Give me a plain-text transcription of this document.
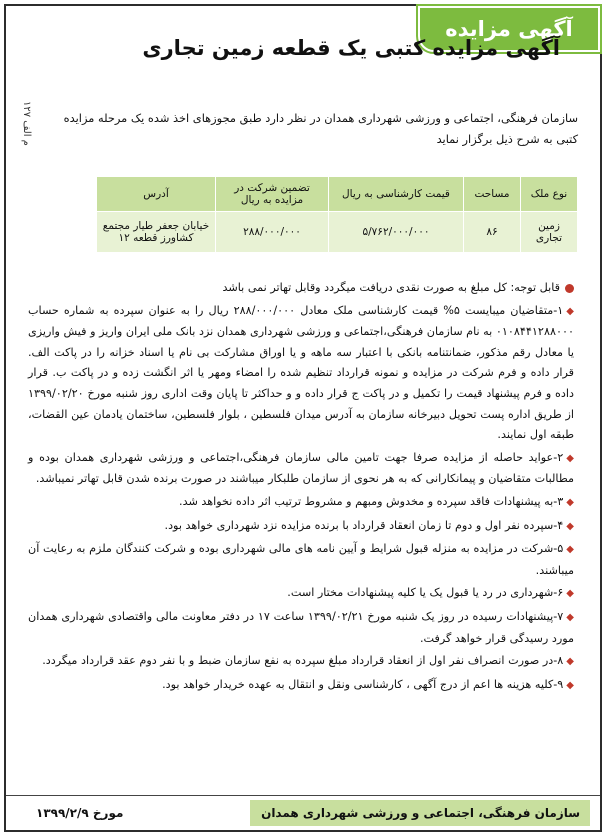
آگهی مزایده
آگهی مزایده کتبی یک قطعه زمین تجاری
م الف ۱۲۷	سازمان فرهنگی، اجتماعی و ورزشی شهرداری همدان در نظر دارد طبق مجوزهای اخذ شده یک مرحله مزایده کتبی به شرح ذیل برگزار نماید
نوع ملک	مساحت	قیمت کارشناسی به ریال	تضمین شرکت در مزایده به ریال	آدرس
زمین تجاری	۸۶	۵/۷۶۲/۰۰۰/۰۰۰	۲۸۸/۰۰۰/۰۰۰	خیابان جعفر طیار مجتمع کشاورز قطعه ۱۲
قابل توجه: کل مبلغ به صورت نقدی دریافت میگردد وقابل تهاتر نمی باشد
◆۱-متقاضیان میبایست ۵% قیمت کارشناسی ملک معادل ۲۸۸/۰۰۰/۰۰۰ ریال را به عنوان سپرده به شماره حساب ۰۱۰۸۴۴۱۲۸۸۰۰۰ به نام سازمان فرهنگی،اجتماعی و ورزشی شهرداری همدان نزد بانک ملی ایران واریز و فیش واریزی یا معادل رقم مذکور، ضمانتنامه بانکی با اعتبار سه ماهه و یا اوراق مشارکت بی نام یا اسناد خزانه را در پاکت الف. قرار داده و فرم شرکت در مزایده و نمونه قرارداد تنظیم شده را امضاء ومهر یا اثر انگشت زده و در پاکت ب. قرار داده و فرم پیشنهاد قیمت را تکمیل و در پاکت ج قرار داده و و حداکثر تا پایان وقت اداری روز شنبه مورخ ۱۳۹۹/۰۲/۲۰ از طریق اداره پست تحویل دبیرخانه سازمان به آدرس میدان فلسطین ، بلوار فلسطین، ساختمان یادمان عین القضات، طبقه اول نمایند.
◆۲-عواید حاصله از مزایده صرفا جهت تامین مالی سازمان فرهنگی،اجتماعی و ورزشی شهرداری همدان بوده و مطالبات متقاضیان و پیمانکارانی که به هر نحوی از سازمان طلبکار میباشند در صورت برنده شدن قابل تهاتر نمیباشد.
◆۳-به پیشنهادات فاقد سپرده و مخدوش ومبهم و مشروط ترتیب اثر داده نخواهد شد.
◆۴-سپرده نفر اول و دوم تا زمان انعقاد قرارداد با برنده مزایده نزد شهرداری خواهد بود.
◆۵-شرکت در مزایده به منزله قبول شرایط و آیین نامه های مالی شهرداری بوده و شرکت کنندگان ملزم به رعایت آن میباشند.
◆۶-شهرداری در رد یا قبول یک یا کلیه پیشنهادات مختار است.
◆۷-پیشنهادات رسیده در روز یک شنبه مورخ ۱۳۹۹/۰۲/۲۱ ساعت ۱۷ در دفتر معاونت مالی واقتصادی شهرداری همدان مورد رسیدگی قرار خواهد گرفت.
◆۸-در صورت انصراف نفر اول از انعقاد قرارداد مبلغ سپرده به نفع سازمان ضبط و با نفر دوم عقد قرارداد میگردد.
◆۹-کلیه هزینه ها اعم از درج آگهی ، کارشناسی ونقل و انتقال به عهده خریدار خواهد بود.
سازمان فرهنگی، اجتماعی و ورزشی شهرداری همدان
مورخ ۱۳۹۹/۲/۹
